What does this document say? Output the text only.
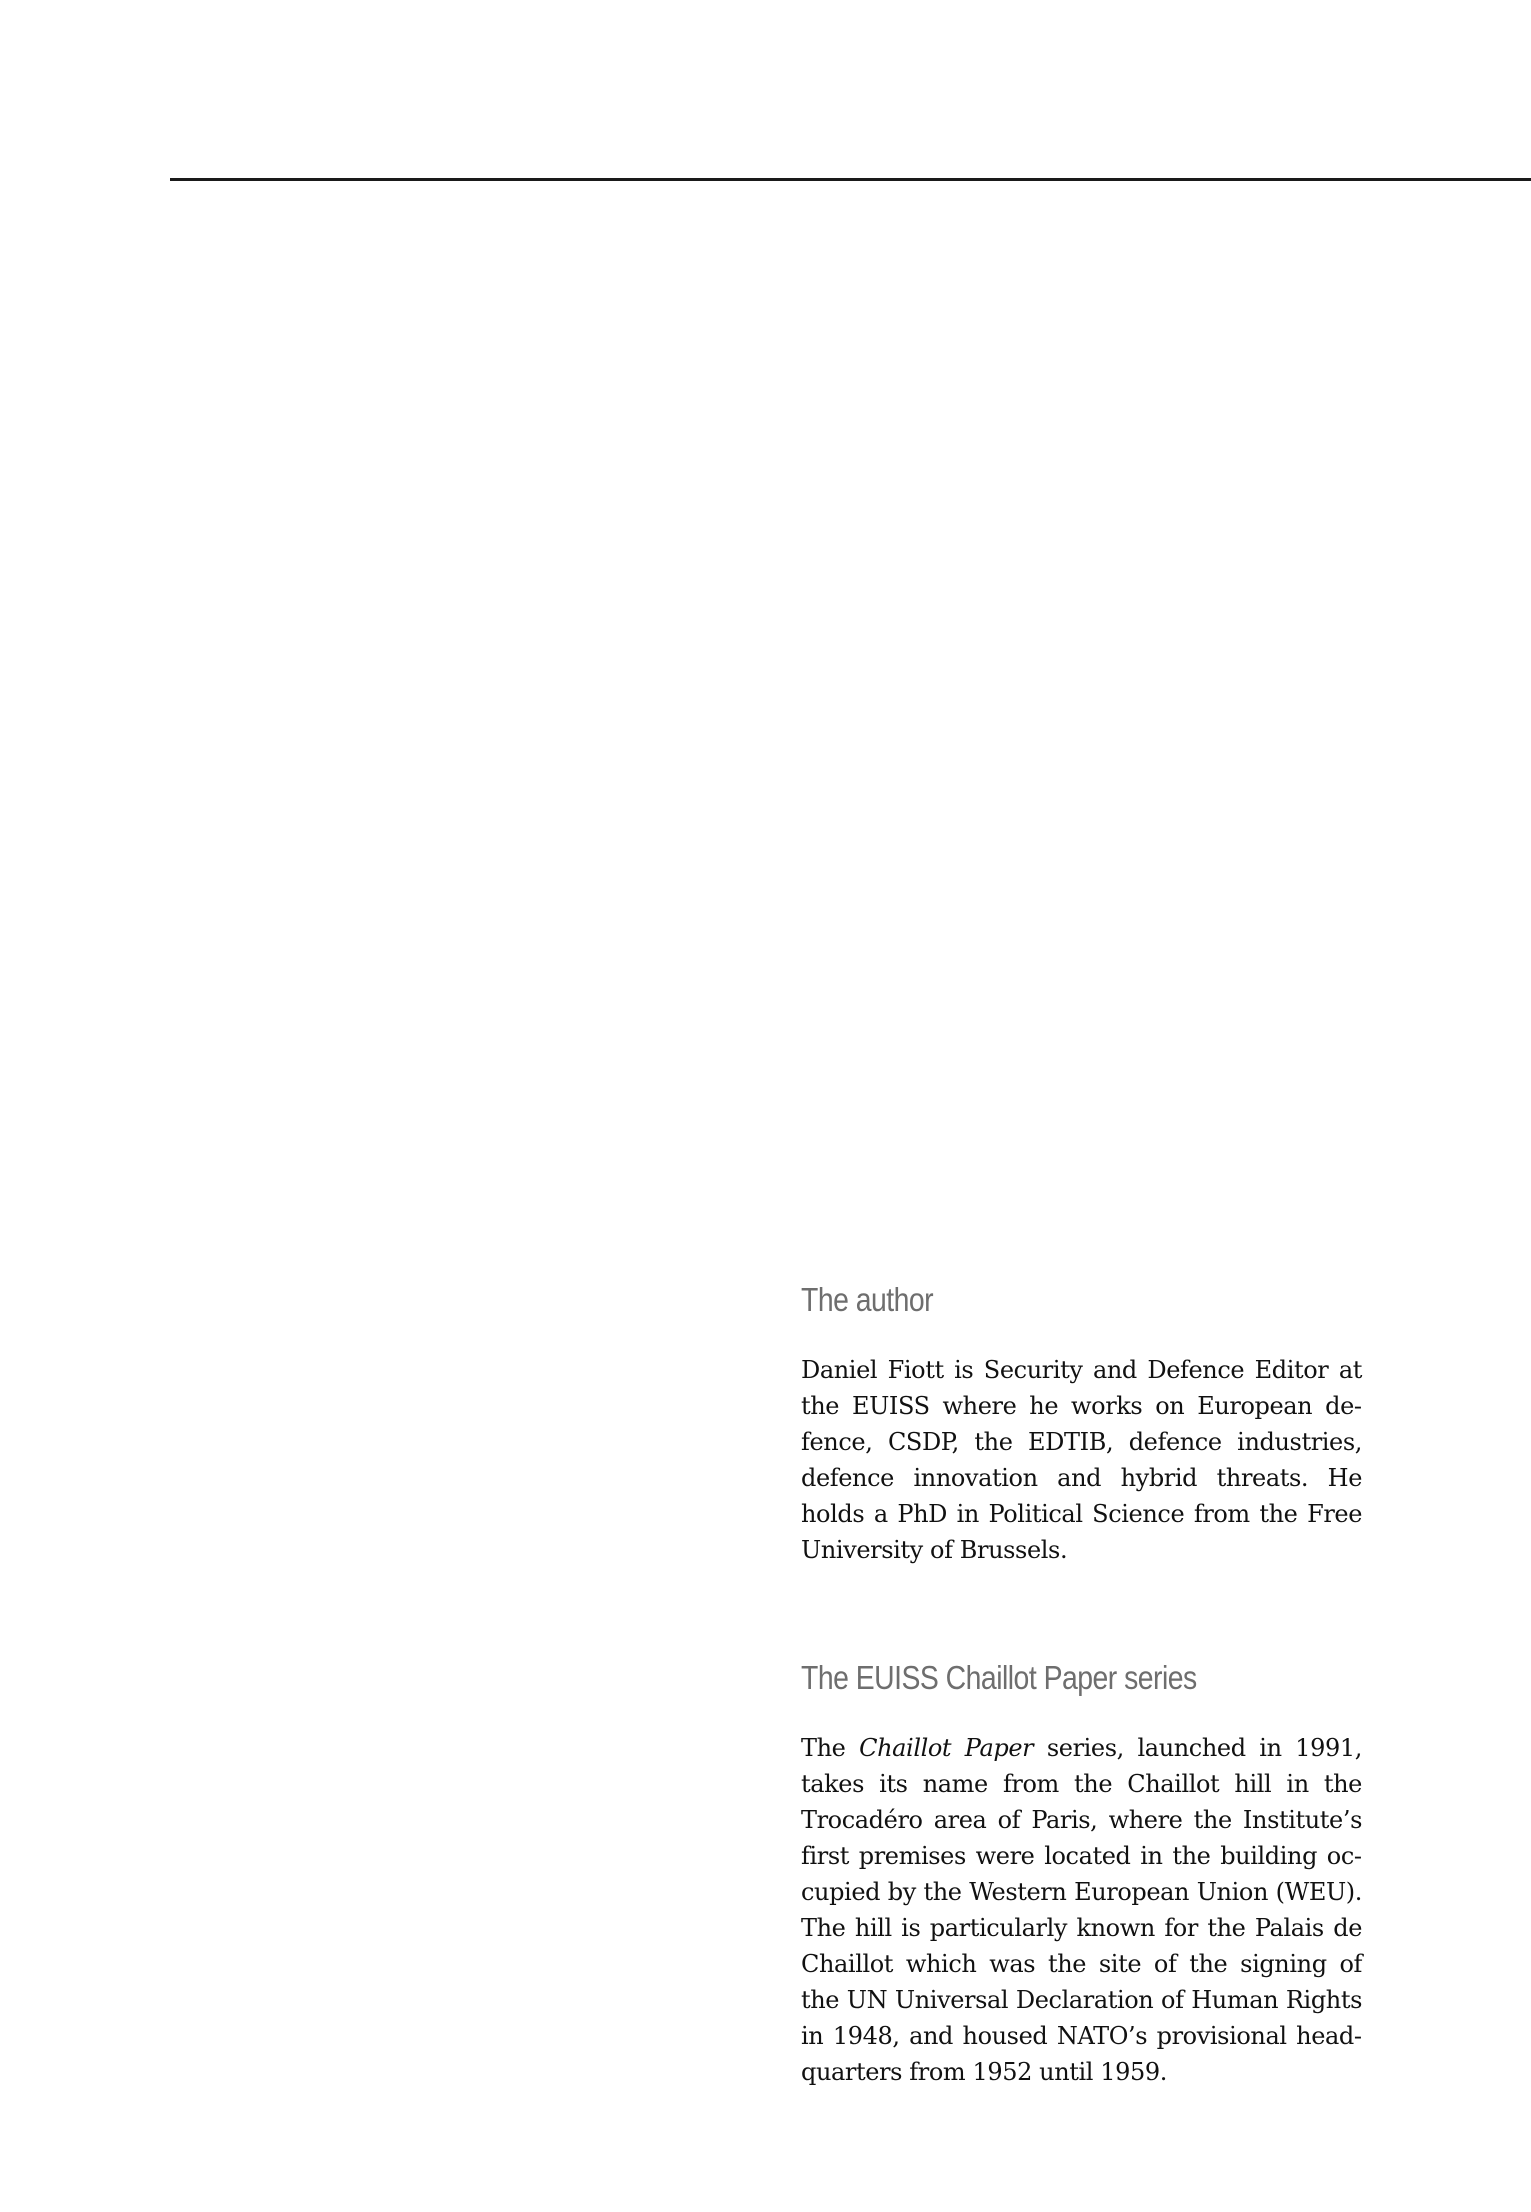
The author

Daniel Fiott is Security and Defence Editor at the EUISS where he works on European defence, CSDP, the EDTIB, defence industries, defence innovation and hybrid threats. He holds a PhD in Political Science from the Free University of Brussels.

The EUISS Chaillot Paper series

The Chaillot Paper series, launched in 1991, takes its name from the Chaillot hill in the Trocadéro area of Paris, where the Institute’s first premises were located in the building occupied by the Western European Union (WEU). The hill is particularly known for the Palais de Chaillot which was the site of the signing of the UN Universal Declaration of Human Rights in 1948, and housed NATO’s provisional headquarters from 1952 until 1959.
